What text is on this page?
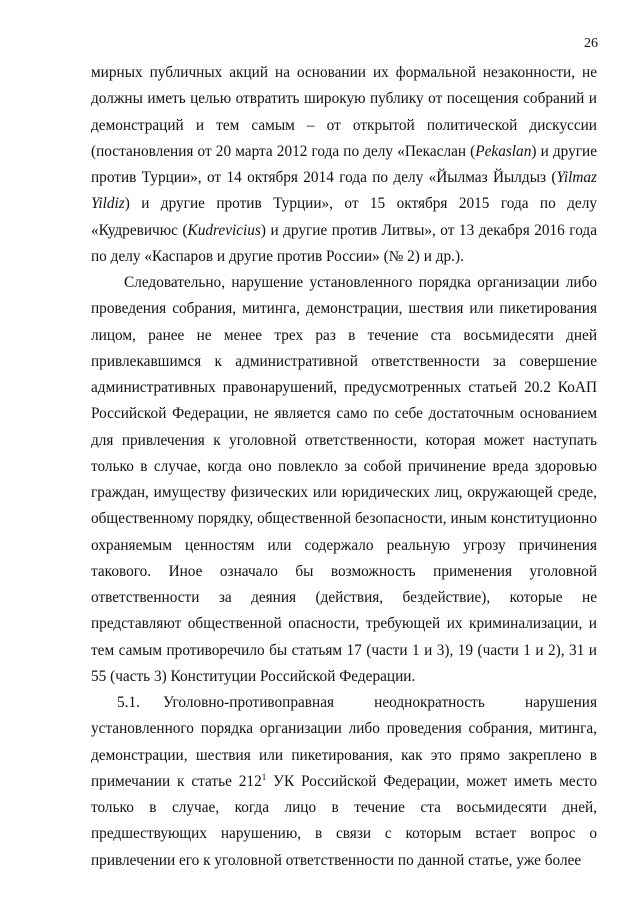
26

мирных публичных акций на основании их формальной незаконности, не должны иметь целью отвратить широкую публику от посещения собраний и демонстраций и тем самым – от открытой политической дискуссии (постановления от 20 марта 2012 года по делу «Пекаслан (Pekaslan) и другие против Турции», от 14 октября 2014 года по делу «Йылмаз Йылдыз (Yilmaz Yildiz) и другие против Турции», от 15 октября 2015 года по делу «Кудревичюс (Kudrevicius) и другие против Литвы», от 13 декабря 2016 года по делу «Каспаров и другие против России» (№ 2) и др.).

Следовательно, нарушение установленного порядка организации либо проведения собрания, митинга, демонстрации, шествия или пикетирования лицом, ранее не менее трех раз в течение ста восьмидесяти дней привлекавшимся к административной ответственности за совершение административных правонарушений, предусмотренных статьей 20.2 КоАП Российской Федерации, не является само по себе достаточным основанием для привлечения к уголовной ответственности, которая может наступать только в случае, когда оно повлекло за собой причинение вреда здоровью граждан, имуществу физических или юридических лиц, окружающей среде, общественному порядку, общественной безопасности, иным конституционно охраняемым ценностям или содержало реальную угрозу причинения такового. Иное означало бы возможность применения уголовной ответственности за деяния (действия, бездействие), которые не представляют общественной опасности, требующей их криминализации, и тем самым противоречило бы статьям 17 (части 1 и 3), 19 (части 1 и 2), 31 и 55 (часть 3) Конституции Российской Федерации.

5.1. Уголовно-противоправная неоднократность нарушения установленного порядка организации либо проведения собрания, митинга, демонстрации, шествия или пикетирования, как это прямо закреплено в примечании к статье $212^1$ УК Российской Федерации, может иметь место только в случае, когда лицо в течение ста восьмидесяти дней, предшествующих нарушению, в связи с которым встает вопрос о привлечении его к уголовной ответственности по данной статье, уже более
